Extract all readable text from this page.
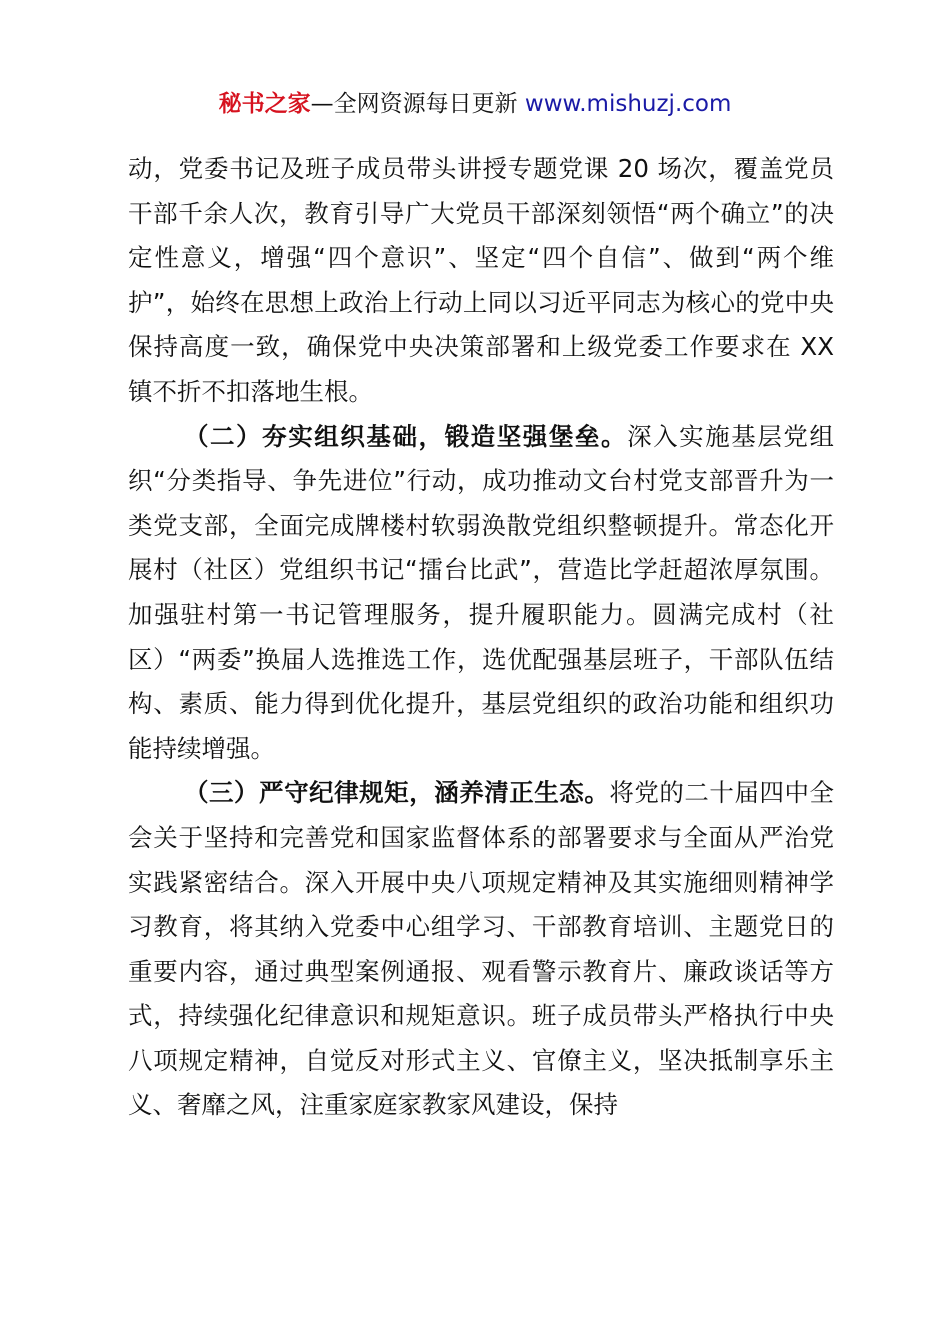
秘书之家—全网资源每日更新 www.mishuzj.com

动，党委书记及班子成员带头讲授专题党课 20 场次，覆盖党员干部千余人次，教育引导广大党员干部深刻领悟“两个确立”的决定性意义，增强“四个意识”、坚定“四个自信”、做到“两个维护”，始终在思想上政治上行动上同以习近平同志为核心的党中央保持高度一致，确保党中央决策部署和上级党委工作要求在 XX 镇不折不扣落地生根。

（二）夯实组织基础，锻造坚强堡垒。深入实施基层党组织“分类指导、争先进位”行动，成功推动文台村党支部晋升为一类党支部，全面完成牌楼村软弱涣散党组织整顿提升。常态化开展村（社区）党组织书记“擂台比武”，营造比学赶超浓厚氛围。加强驻村第一书记管理服务，提升履职能力。圆满完成村（社区）“两委”换届人选推选工作，选优配强基层班子，干部队伍结构、素质、能力得到优化提升，基层党组织的政治功能和组织功能持续增强。

（三）严守纪律规矩，涵养清正生态。将党的二十届四中全会关于坚持和完善党和国家监督体系的部署要求与全面从严治党实践紧密结合。深入开展中央八项规定精神及其实施细则精神学习教育，将其纳入党委中心组学习、干部教育培训、主题党日的重要内容，通过典型案例通报、观看警示教育片、廉政谈话等方式，持续强化纪律意识和规矩意识。班子成员带头严格执行中央八项规定精神，自觉反对形式主义、官僚主义，坚决抵制享乐主义、奢靡之风，注重家庭家教家风建设，保持
